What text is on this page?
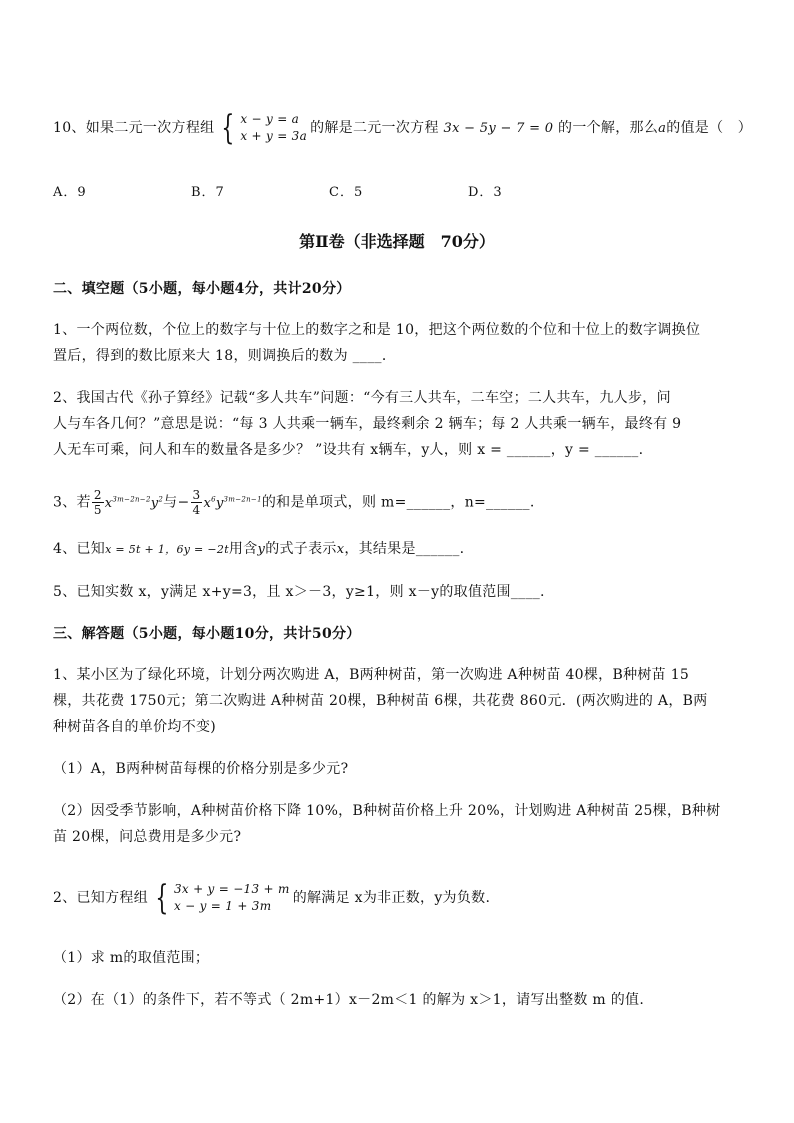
10、如果二元一次方程组 { x − y = a
x + y = 3a 的解是二元一次方程 3x − 5y − 7 = 0 的一个解，那么a的值是（　）
A．9	B．7	C．5	D．3
第Ⅱ卷（非选择题　70分）
二、填空题（5小题，每小题4分，共计20分）
1、一个两位数，个位上的数字与十位上的数字之和是 10，把这个两位数的个位和十位上的数字调换位
置后，得到的数比原来大 18，则调换后的数为 ____．
2、我国古代《孙子算经》记载“多人共车”问题：“今有三人共车，二车空；二人共车，九人步，问
人与车各几何？”意思是说：“每 3 人共乘一辆车，最终剩余 2 辆车；每 2 人共乘一辆车，最终有 9
人无车可乘，问人和车的数量各是多少？ ”设共有 x辆车，y人，则 x = ______，y = ______.
3、若 $\frac{2}{5} x^{3m-2n-2}y^2$与− $\frac{3}{4} x^6y^{3m-2n-1}$的和是单项式，则 m=______，n=______.
4、已知x = 5t + 1，6y = −2t用含y的式子表示x，其结果是______.
5、已知实数 x，y满足 x+y=3，且 x＞－3，y≥1，则 x－y的取值范围____.
三、解答题（5小题，每小题10分，共计50分）
1、某小区为了绿化环境，计划分两次购进 A，B两种树苗，第一次购进 A种树苗 40棵，B种树苗 15
棵，共花费 1750元；第二次购进 A种树苗 20棵，B种树苗 6棵，共花费 860元．(两次购进的 A，B两
种树苗各自的单价均不变)
（1）A，B两种树苗每棵的价格分别是多少元?
（2）因受季节影响，A种树苗价格下降 10%，B种树苗价格上升 20%，计划购进 A种树苗 25棵，B种树
苗 20棵，问总费用是多少元?
2、已知方程组 { 3x + y = −13 + m
x − y = 1 + 3m	的解满足 x为非正数，y为负数.
（1）求 m的取值范围；
（2）在（1）的条件下，若不等式（ 2m+1）x－2m＜1 的解为 x＞1，请写出整数 m 的值.
